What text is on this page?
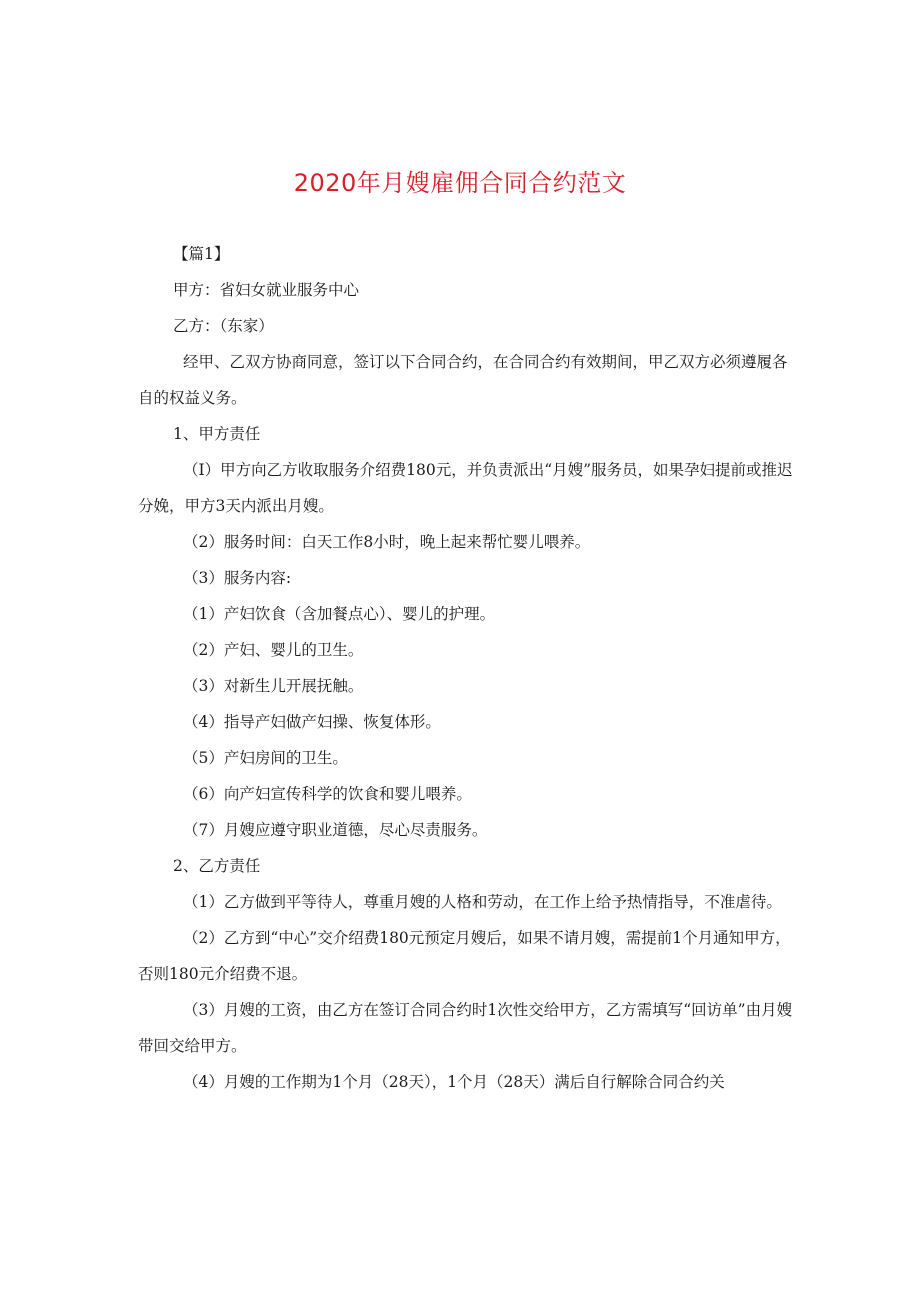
2020年月嫂雇佣合同合约范文

【篇1】

甲方：省妇女就业服务中心

乙方：（东家）

经甲、乙双方协商同意，签订以下合同合约，在合同合约有效期间，甲乙双方必须遵履各自的权益义务。

1、甲方责任

（I）甲方向乙方收取服务介绍费180元，并负责派出“月嫂”服务员，如果孕妇提前或推迟分娩，甲方3天内派出月嫂。

（2）服务时间：白天工作8小时，晚上起来帮忙婴儿喂养。

（3）服务内容:

（1）产妇饮食（含加餐点心）、婴儿的护理。

（2）产妇、婴儿的卫生。

（3）对新生儿开展抚触。

（4）指导产妇做产妇操、恢复体形。

（5）产妇房间的卫生。

（6）向产妇宣传科学的饮食和婴儿喂养。

（7）月嫂应遵守职业道德，尽心尽责服务。

2、乙方责任

（1）乙方做到平等待人，尊重月嫂的人格和劳动，在工作上给予热情指导，不准虐待。

（2）乙方到“中心”交介绍费180元预定月嫂后，如果不请月嫂，需提前1个月通知甲方，否则180元介绍费不退。

（3）月嫂的工资，由乙方在签订合同合约时1次性交给甲方，乙方需填写“回访单”由月嫂带回交给甲方。

（4）月嫂的工作期为1个月（28天），1个月（28天）满后自行解除合同合约关
